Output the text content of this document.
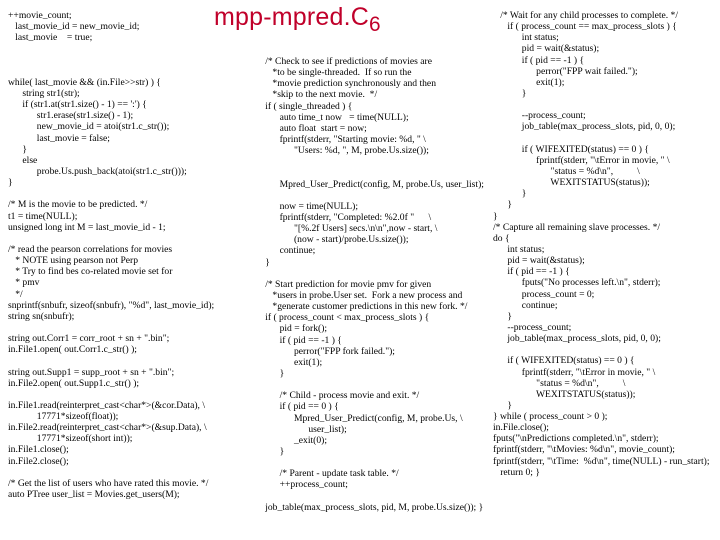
mpp-$mpred.C_6$
++movie_count;
last_movie_id = new_movie_id;
last_movie    = true;

while( last_movie && (in.File>>str) ) {
string str1(str);
if (str1.at(str1.size() - 1) == ':') {
str1.erase(str1.size() - 1);
new_movie_id = atoi(str1.c_str());
last_movie = false;
}
else
probe.Us.push_back(atoi(str1.c_str()));
}

/* M is the movie to be predicted. */
t1 = time(NULL);
unsigned long int M = last_movie_id - 1;

/* read the pearson correlations for movies
* NOTE using pearson not Perp
* Try to find bes co-related movie set for
* pmv
*/
snprintf(snbufr, sizeof(snbufr), "%d", last_movie_id);
string sn(snbufr);

string out.Corr1 = corr_root + sn + ".bin";
in.File1.open( out.Corr1.c_str() );

string out.Supp1 = supp_root + sn + ".bin";
in.File2.open( out.Supp1.c_str() );

in.File1.read(reinterpret_cast<char*>(&cor.Data), \
17771*sizeof(float));
in.File2.read(reinterpret_cast<char*>(&sup.Data), \
17771*sizeof(short int));
in.File1.close();
in.File2.close();

/* Get the list of users who have rated this movie. */
auto PTree user_list = Movies.get_users(M);
/* Check to see if predictions of movies are
*to be single-threaded.  If so run the
*movie prediction synchronously and then
*skip to the next movie.  */
if ( single_threaded ) {
auto time_t now   = time(NULL);
auto float  start = now;
fprintf(stderr, "Starting movie: %d, " \
"Users: %d, ", M, probe.Us.size());

Mpred_User_Predict(config, M, probe.Us, user_list);

now = time(NULL);
fprintf(stderr, "Completed: %2.0f "      \
"[%.2f Users] secs.\n\n",now - start, \
(now - start)/probe.Us.size());
continue;
}

/* Start prediction for movie pmv for given
*users in probe.User set.  Fork a new process and
*generate customer predictions in this new fork. */
if ( process_count < max_process_slots ) {
pid = fork();
if ( pid == -1 ) {
perror("FPP fork failed.");
exit(1);
}

/* Child - process movie and exit. */
if ( pid == 0 ) {
Mpred_User_Predict(config, M, probe.Us, \
user_list);
_exit(0);
}

/* Parent - update task table. */
++process_count;

job_table(max_process_slots, pid, M, probe.Us.size()); }
/* Wait for any child processes to complete. */
if ( process_count == max_process_slots ) {
int status;
pid = wait(&status);
if ( pid == -1 ) {
perror("FPP wait failed.");
exit(1);
}

--process_count;
job_table(max_process_slots, pid, 0, 0);

if ( WIFEXITED(status) == 0 ) {
fprintf(stderr, "\tError in movie, " \
"status = %d\n",          \
WEXITSTATUS(status));
}
}
}
/* Capture all remaining slave processes. */
do {
int status;
pid = wait(&status);
if ( pid == -1 ) {
fputs("No processes left.\n", stderr);
process_count = 0;
continue;
}
--process_count;
job_table(max_process_slots, pid, 0, 0);

if ( WIFEXITED(status) == 0 ) {
fprintf(stderr, "\tError in movie, " \
"status = %d\n",          \
WEXITSTATUS(status));
}
} while ( process_count > 0 );
in.File.close();
fputs("\nPredictions completed.\n", stderr);
fprintf(stderr, "\tMovies: %d\n", movie_count);
fprintf(stderr, "\tTime:  %d\n", time(NULL) - run_start);
return 0; }
